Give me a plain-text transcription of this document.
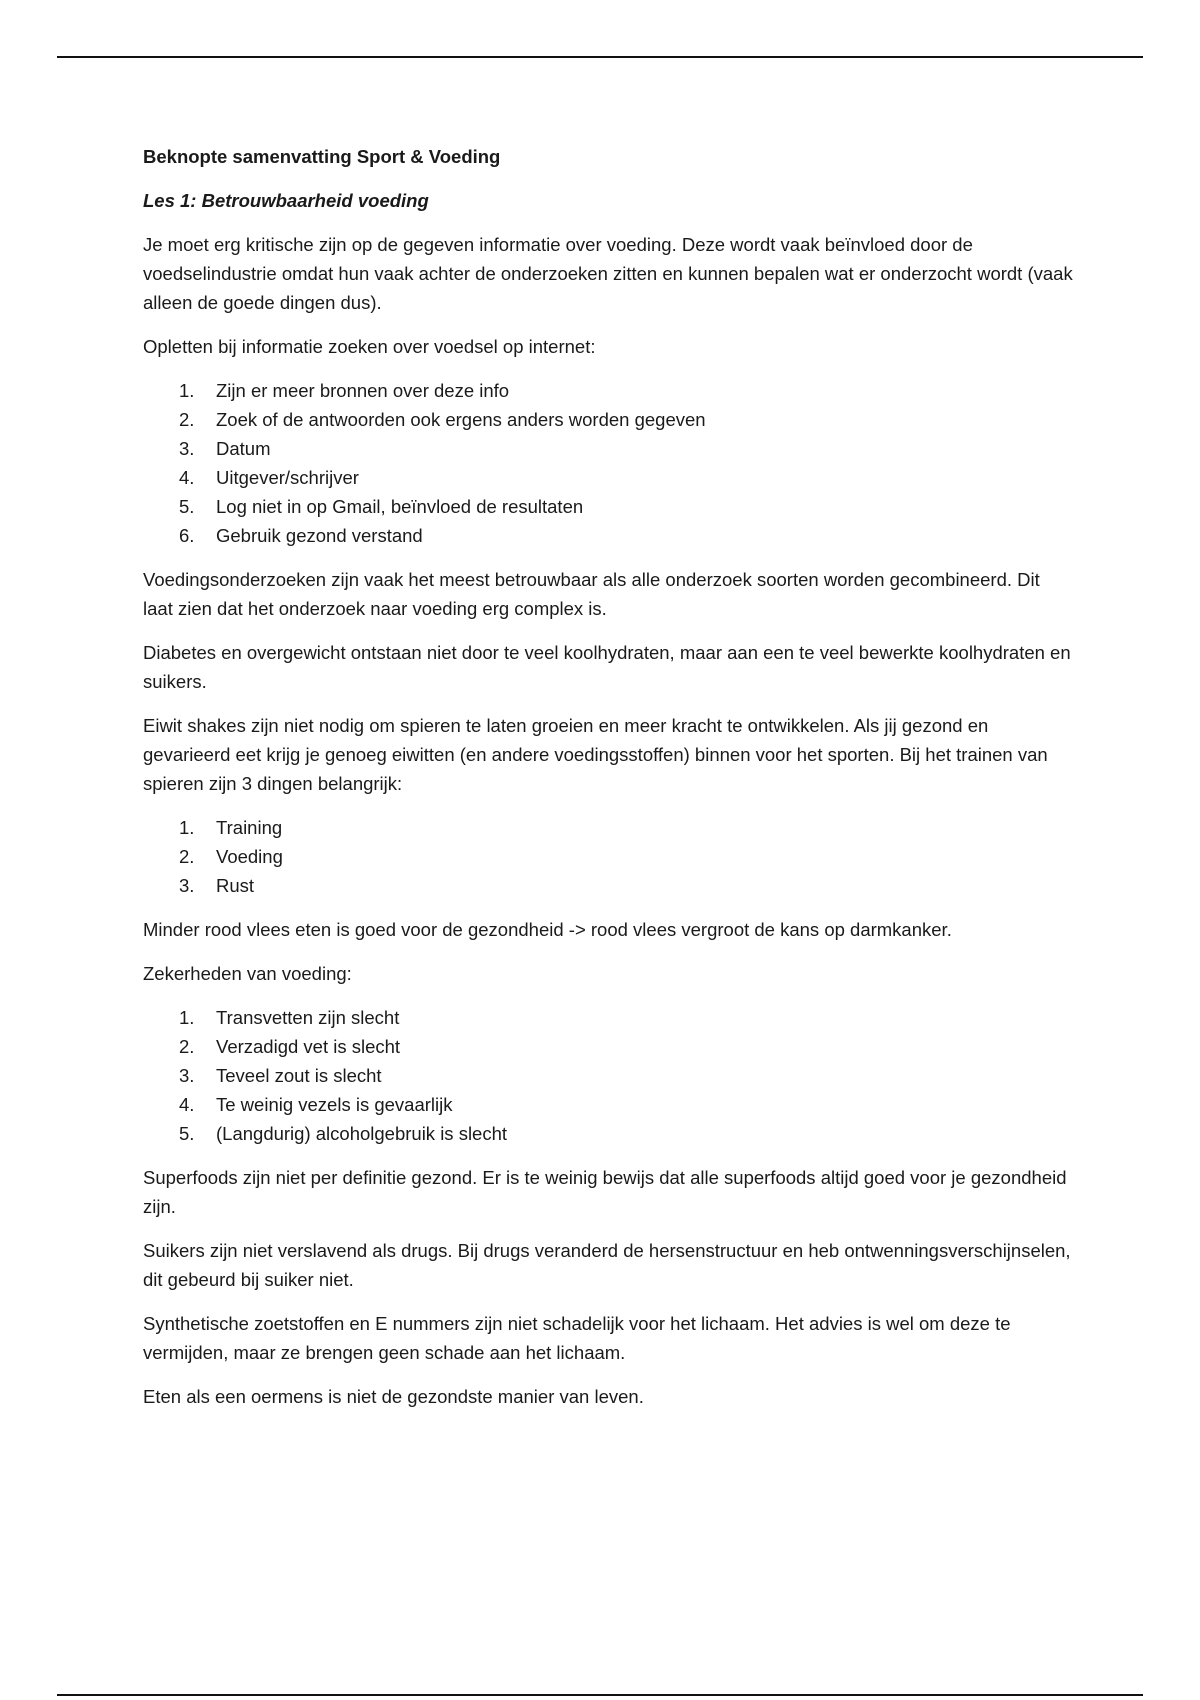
Beknopte samenvatting Sport & Voeding
Les 1: Betrouwbaarheid voeding

Je moet erg kritische zijn op de gegeven informatie over voeding. Deze wordt vaak beïnvloed door de voedselindustrie omdat hun vaak achter de onderzoeken zitten en kunnen bepalen wat er onderzocht wordt (vaak alleen de goede dingen dus).

Opletten bij informatie zoeken over voedsel op internet:

1.	Zijn er meer bronnen over deze info
2.	Zoek of de antwoorden ook ergens anders worden gegeven
3.	Datum
4.	Uitgever/schrijver
5.	Log niet in op Gmail, beïnvloed de resultaten
6.	Gebruik gezond verstand

Voedingsonderzoeken zijn vaak het meest betrouwbaar als alle onderzoek soorten worden gecombineerd. Dit laat zien dat het onderzoek naar voeding erg complex is.

Diabetes en overgewicht ontstaan niet door te veel koolhydraten, maar aan een te veel bewerkte koolhydraten en suikers.

Eiwit shakes zijn niet nodig om spieren te laten groeien en meer kracht te ontwikkelen. Als jij gezond en gevarieerd eet krijg je genoeg eiwitten (en andere voedingsstoffen) binnen voor het sporten. Bij het trainen van spieren zijn 3 dingen belangrijk:

1.	Training
2.	Voeding
3.	Rust

Minder rood vlees eten is goed voor de gezondheid -> rood vlees vergroot de kans op darmkanker.

Zekerheden van voeding:

1.	Transvetten zijn slecht
2.	Verzadigd vet is slecht
3.	Teveel zout is slecht
4.	Te weinig vezels is gevaarlijk
5.	(Langdurig) alcoholgebruik is slecht

Superfoods zijn niet per definitie gezond. Er is te weinig bewijs dat alle superfoods altijd goed voor je gezondheid zijn.

Suikers zijn niet verslavend als drugs. Bij drugs veranderd de hersenstructuur en heb ontwenningsverschijnselen, dit gebeurd bij suiker niet.

Synthetische zoetstoffen en E nummers zijn niet schadelijk voor het lichaam. Het advies is wel om deze te vermijden, maar ze brengen geen schade aan het lichaam.

Eten als een oermens is niet de gezondste manier van leven.
